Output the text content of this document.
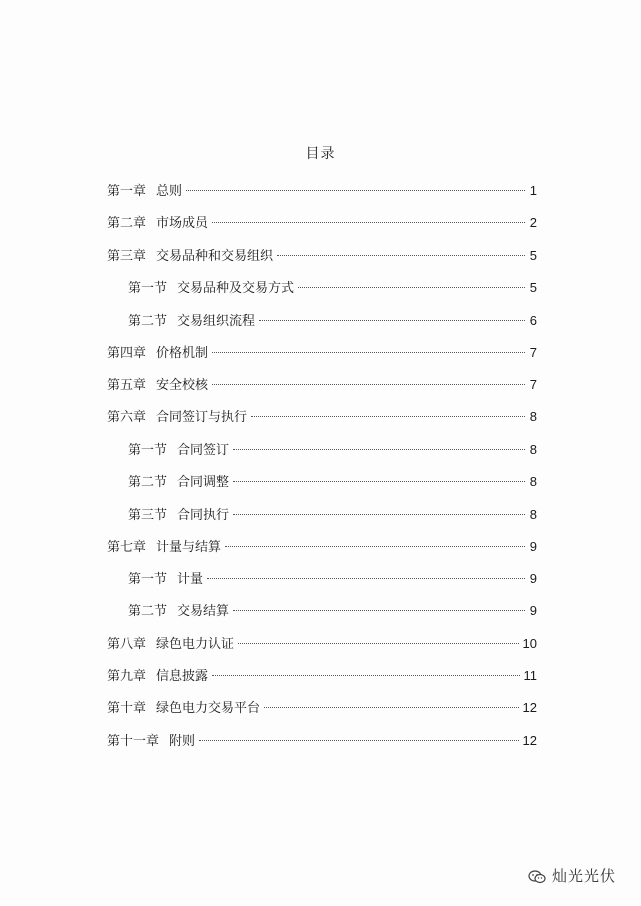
目录
第一章 总则	1
第二章 市场成员	2
第三章 交易品种和交易组织	5
第一节 交易品种及交易方式	5
第二节 交易组织流程	6
第四章 价格机制	7
第五章 安全校核	7
第六章 合同签订与执行	8
第一节 合同签订	8
第二节 合同调整	8
第三节 合同执行	8
第七章 计量与结算	9
第一节 计量	9
第二节 交易结算	9
第八章 绿色电力认证	10
第九章 信息披露	11
第十章 绿色电力交易平台	12
第十一章 附则	12
灿光光伏
